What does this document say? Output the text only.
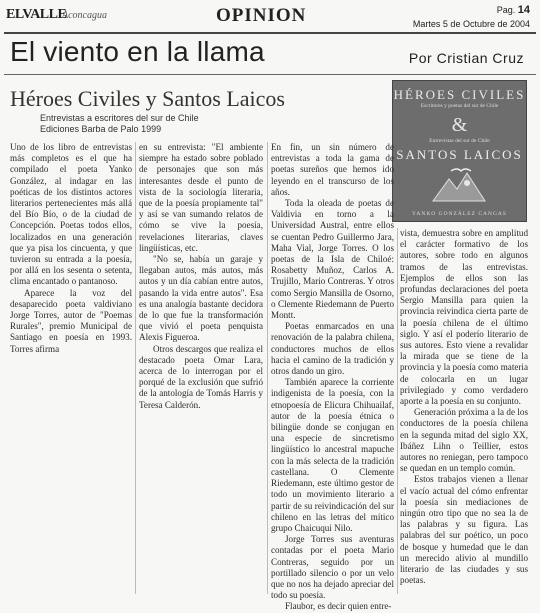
ELVALLE
Aconcagua	OPINION	Pag. 14
Martes 5 de Octubre de 2004
El viento en la llama	Por Cristian Cruz
Héroes Civiles y Santos Laicos
Entrevistas a escritores del sur de Chile
Ediciones Barba de Palo 1999
HÉROES CIVILES
Escritores y poetas del sur de Chile
&
Entrevistas del sur de Chile
SANTOS LAICOS
YANKO GONZÁLEZ CANGAS

Uno de los libro de entrevistas más completos es el que ha compilado el poeta Yanko González, al indagar en las poéticas de los distintos actores literarios pertenecientes más allá del Bío Bío, o de la ciudad de Concepción. Poetas todos ellos, localizados en una generación que ya pisa los cincuenta, y que tuvieron su entrada a la poesía, por allá en los sesenta o setenta, clima encantado o pantanoso.

Aparece la voz del desaparecido poeta valdiviano Jorge Torres, autor de "Poemas Rurales", premio Municipal de Santiago en poesía en 1993. Torres afirma

en su entrevista: "El ambiente siempre ha estado sobre poblado de personajes que son más interesantes desde el punto de vista de la sociología literaria, que de la poesía propiamente tal" y así se van sumando relatos de cómo se vive la poesía, revelaciones literarias, claves lingüísticas, etc.

"No se, había un garaje y llegaban autos, más autos, más autos y un día cabían entre autos, pasando la vida entre autos". Esa es una analogía bastante decidora de lo que fue la transformación que vivió el poeta penquista Alexis Figueroa.

Otros descargos que realiza el destacado poeta Omar Lara, acerca de lo interrogan por el porqué de la exclusión que sufrió de la antología de Tomás Harris y Teresa Calderón.

En fin, un sin número de entrevistas a toda la gama de poetas sureños que hemos ido leyendo en el transcurso de los años.

Toda la oleada de poetas de Valdivia en torno a la Universidad Austral, entre ellos se cuentan Pedro Guillermo Jara, Maha Vial, Jorge Torres. O los poetas de la Isla de Chiloé: Rosabetty Muñoz, Carlos A. Trujillo, Mario Contreras. Y otros como Sergio Mansilla de Osorno, o Clemente Riedemann de Puerto Montt.

Poetas enmarcados en una renovación de la palabra chilena, conductores muchos de ellos hacia el camino de la tradición y otros dando un giro.

También aparece la corriente indigenista de la poesía, con la etnopoesía de Elicura Chihuailaf, autor de la poesía étnica o bilingüe donde se conjugan en una especie de sincretismo lingüístico lo ancestral mapuche con la más selecta de la tradición castellana. O Clemente Riedemann, este último gestor de todo un movimiento literario a partir de su reivindicación del sur chileno en las letras del mítico grupo Chaicuqui Nilo.

Jorge Torres sus aventuras contadas por el poeta Mario Contreras, seguido por un portillado silencio o por un velo que no nos ha dejado apreciar del todo su poesía.

Flaubor, es decir quien entre-

vista, demuestra sobre en amplitud el carácter formativo de los autores, sobre todo en algunos tramos de las entrevistas. Ejemplos de ellos son las profundas declaraciones del poeta Sergio Mansilla para quien la provincia reivindica cierta parte de la poesía chilena de el último siglo. Y así el poderío literario de sus autores. Esto viene a revalidar la mirada que se tiene de la provincia y la poesía como materia de colocarla en un lugar privilegiado y como verdadero aporte a la poesía en su conjunto.

Generación próxima a la de los conductores de la poesía chilena en la segunda mitad del siglo XX, Ibáñez Lihn o Teillier, estos autores no reniegan, pero tampoco se quedan en un templo común.

Estos trabajos vienen a llenar el vacío actual del cómo enfrentar la poesía sin mediaciones de ningún otro tipo que no sea la de las palabras y su figura. Las palabras del sur poético, un poco de bosque y humedad que le dan un merecido alivio al mundillo literario de las ciudades y sus poetas.
